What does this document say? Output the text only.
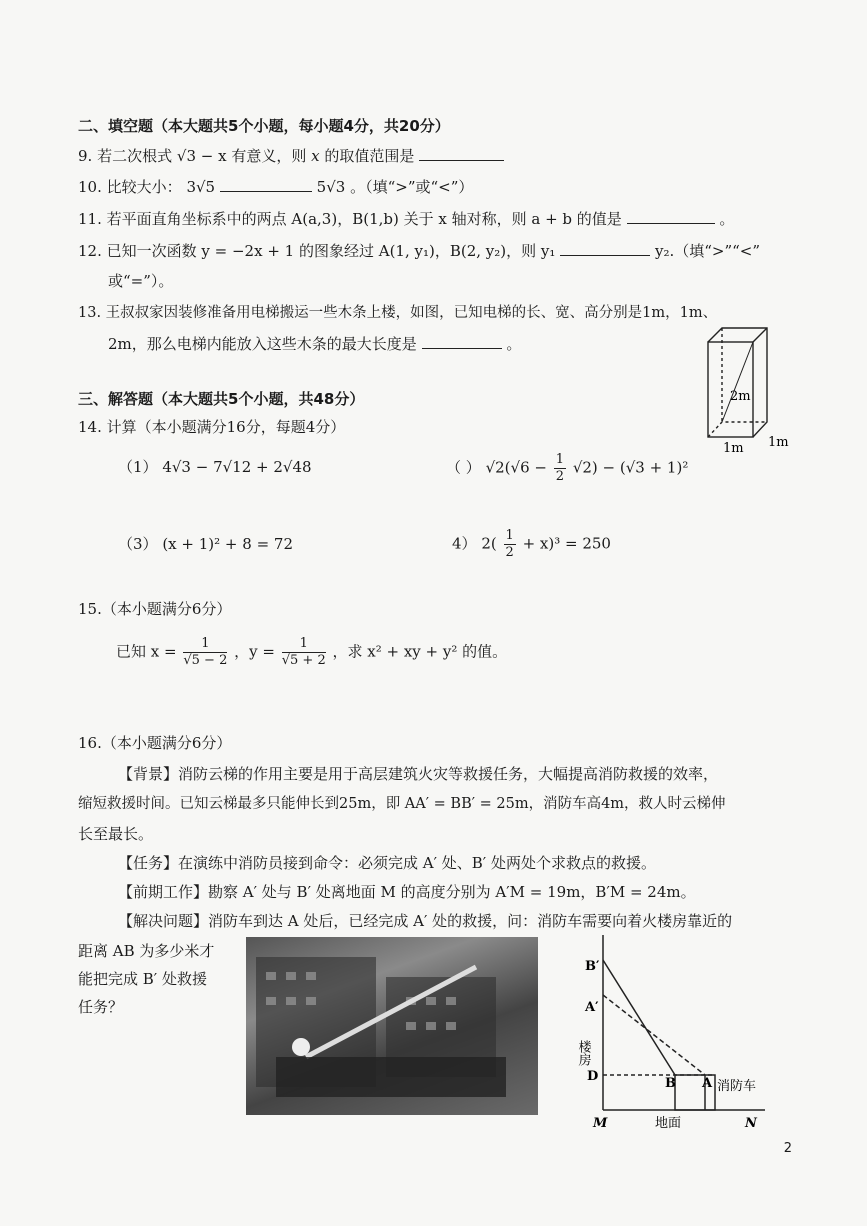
二、填空题（本大题共5个小题，每小题4分，共20分）
9. 若二次根式 √3 − x 有意义，则 x 的取值范围是
10. 比较大小： 3√5	5√3 。（填“>”或“<”）
11. 若平面直角坐标系中的两点 A(a,3)，B(1,b) 关于 x 轴对称，则 a + b 的值是	。
12. 已知一次函数 y = −2x + 1 的图象经过 A(1, y₁)，B(2, y₂)，则 y₁	y₂.（填“>”“<”
或“=”）。
13. 王叔叔家因装修准备用电梯搬运一些木条上楼，如图，已知电梯的长、宽、高分别是1m，1m、
2m，那么电梯内能放入这些木条的最大长度是	。
2m
1m 1m
三、解答题（本大题共5个小题，共48分）
14. 计算（本小题满分16分，每题4分）
（1） 4√3 − 7√12 + 2√48	（ ） $√2(√6 - \frac{1}{2} √2) - (√3 + 1)^2$
（3） (x + 1)² + 8 = 72	4） $2( \frac{1}{2} + x)^3 = 250$
15.（本小题满分6分）
已知 $x = \frac{1}{√5 - 2}$ ，$y = \frac{1}{√5 + 2}$ ，求 x² + xy + y² 的值。
16.（本小题满分6分）
【背景】消防云梯的作用主要是用于高层建筑火灾等救援任务，大幅提高消防救援的效率，
缩短救援时间。已知云梯最多只能伸长到25m，即 AA′ = BB′ = 25m，消防车高4m，救人时云梯伸
长至最长。
【任务】在演练中消防员接到命令：必须完成 A′ 处、B′ 处两处个求救点的救援。
【前期工作】勘察 A′ 处与 B′ 处离地面 M 的高度分别为 A′M = 19m，B′M = 24m。
【解决问题】消防车到达 A 处后，已经完成 A′ 处的救援，问：消防车需要向着火楼房靠近的
距离 AB 为多少米才
能把完成 B′ 处救援
任务？
B′
A′
楼房
D	B A 消防车
M	地面	N
2
